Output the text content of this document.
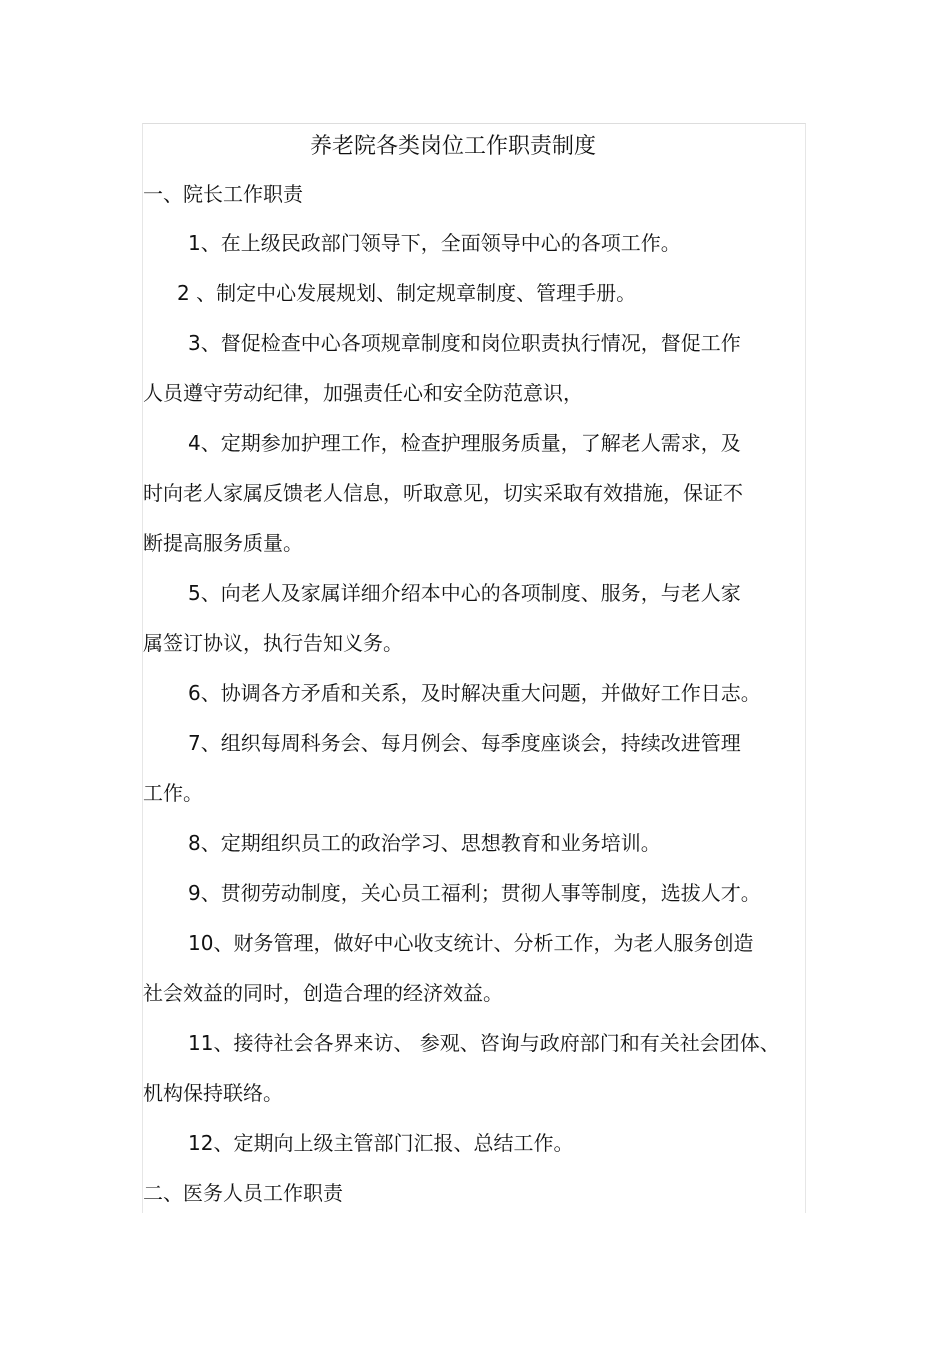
养老院各类岗位工作职责制度
一、院长工作职责
1、在上级民政部门领导下，全面领导中心的各项工作。
2 、制定中心发展规划、制定规章制度、管理手册。
3、督促检查中心各项规章制度和岗位职责执行情况，督促工作
人员遵守劳动纪律，加强责任心和安全防范意识，
4、定期参加护理工作，检查护理服务质量，了解老人需求，及
时向老人家属反馈老人信息，听取意见，切实采取有效措施，保证不
断提高服务质量。
5、向老人及家属详细介绍本中心的各项制度、服务，与老人家
属签订协议，执行告知义务。
6、协调各方矛盾和关系，及时解决重大问题，并做好工作日志。
7、组织每周科务会、每月例会、每季度座谈会，持续改进管理
工作。
8、定期组织员工的政治学习、思想教育和业务培训。
9、贯彻劳动制度，关心员工福利；贯彻人事等制度，选拔人才。
10、财务管理，做好中心收支统计、分析工作，为老人服务创造
社会效益的同时，创造合理的经济效益。
11、接待社会各界来访、 参观、咨询与政府部门和有关社会团体、
机构保持联络。
12、定期向上级主管部门汇报、总结工作。
二、医务人员工作职责
